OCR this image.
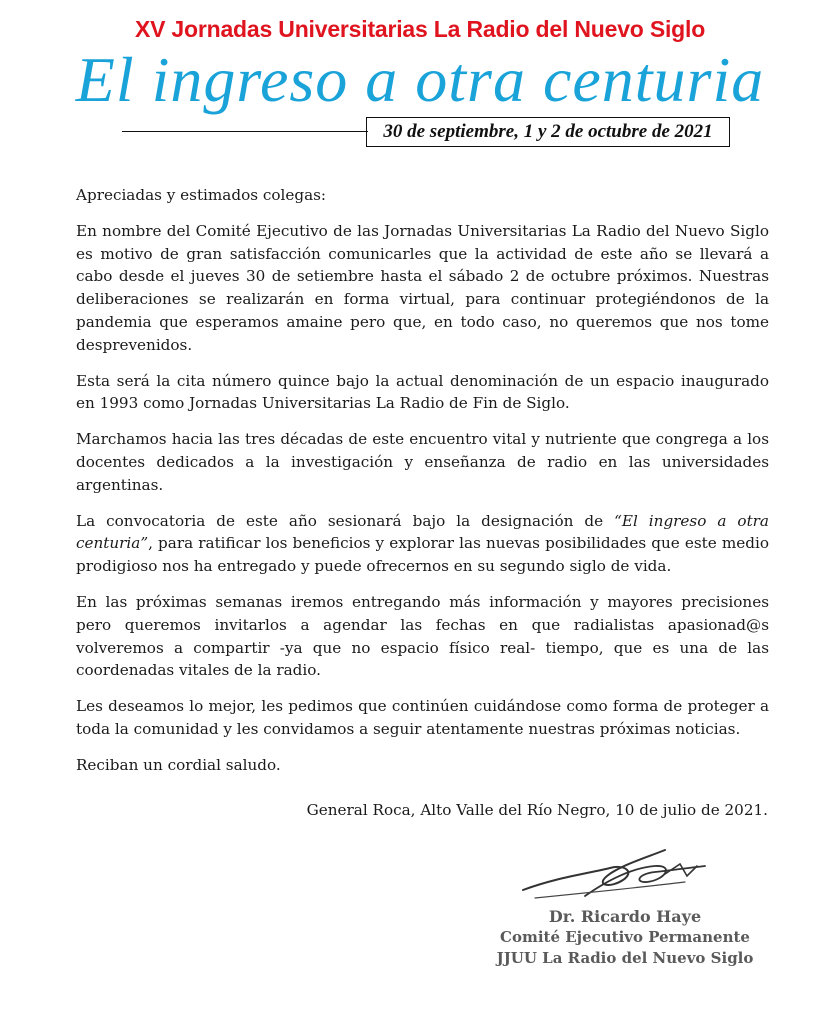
XV Jornadas Universitarias La Radio del Nuevo Siglo
El ingreso a otra centuria
30 de septiembre, 1 y 2 de octubre de 2021

Apreciadas y estimados colegas:

En nombre del Comité Ejecutivo de las Jornadas Universitarias La Radio del Nuevo Siglo es motivo de gran satisfacción comunicarles que la actividad de este año se llevará a cabo desde el jueves 30 de setiembre hasta el sábado 2 de octubre próximos. Nuestras deliberaciones se realizarán en forma virtual, para continuar protegiéndonos de la pandemia que esperamos amaine pero que, en todo caso, no queremos que nos tome desprevenidos.

Esta será la cita número quince bajo la actual denominación de un espacio inaugurado en 1993 como Jornadas Universitarias La Radio de Fin de Siglo.

Marchamos hacia las tres décadas de este encuentro vital y nutriente que congrega a los docentes dedicados a la investigación y enseñanza de radio en las universidades argentinas.

La convocatoria de este año sesionará bajo la designación de “El ingreso a otra centuria”, para ratificar los beneficios y explorar las nuevas posibilidades que este medio prodigioso nos ha entregado y puede ofrecernos en su segundo siglo de vida.

En las próximas semanas iremos entregando más información y mayores precisiones pero queremos invitarlos a agendar las fechas en que radialistas apasionad@s volveremos a compartir -ya que no espacio físico real- tiempo, que es una de las coordenadas vitales de la radio.

Les deseamos lo mejor, les pedimos que continúen cuidándose como forma de proteger a toda la comunidad y les convidamos a seguir atentamente nuestras próximas noticias.

Reciban un cordial saludo.

General Roca, Alto Valle del Río Negro, 10 de julio de 2021.
Dr. Ricardo Haye
Comité Ejecutivo Permanente
JJUU La Radio del Nuevo Siglo
